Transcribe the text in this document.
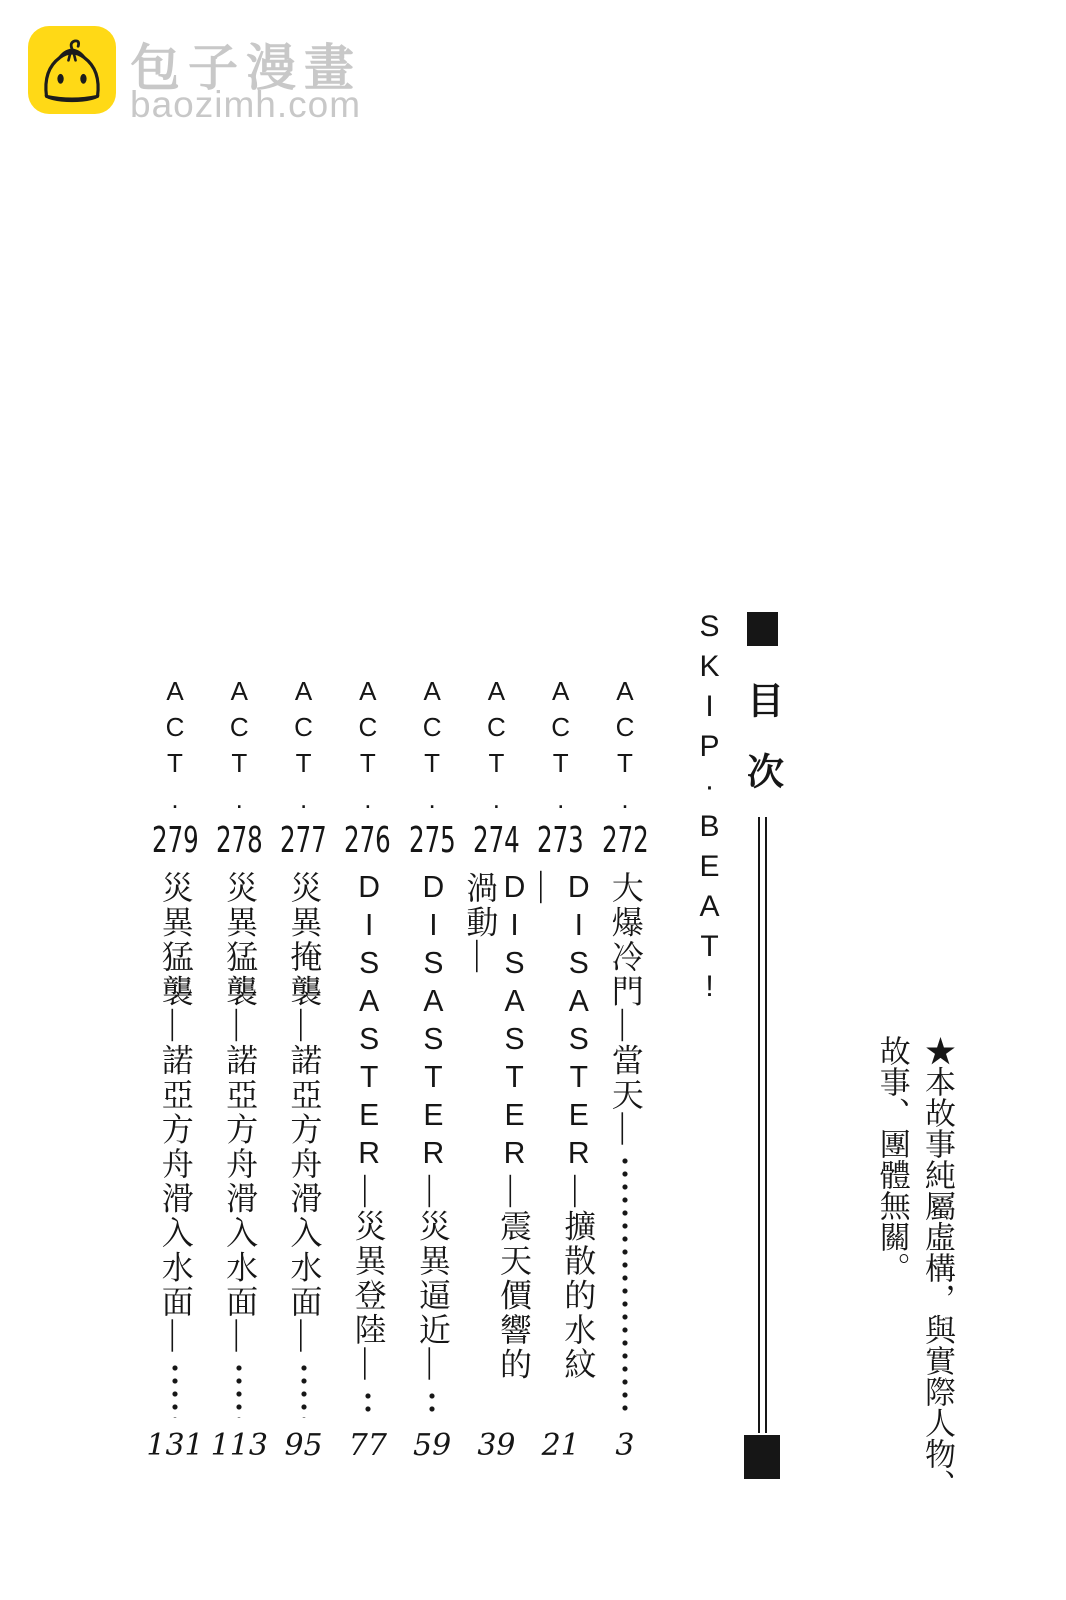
包子漫畫
baozimh.com
目次
SKIP·BEAT!
ACT.
272
大爆冷門—當天—
3
ACT.
273
DISASTER—擴散的水紋—
21
ACT.
274
DISASTER—震天價響的渦動—
39
ACT.
275
DISASTER—災異逼近—
59
ACT.
276
DISASTER—災異登陸—
77
ACT.
277
災異掩襲—諾亞方舟滑入水面—
95
ACT.
278
災異猛襲—諾亞方舟滑入水面—
113
ACT.
279
災異猛襲—諾亞方舟滑入水面—
131	★本故事純屬虛構，與實際人物、故事、團體無關。
